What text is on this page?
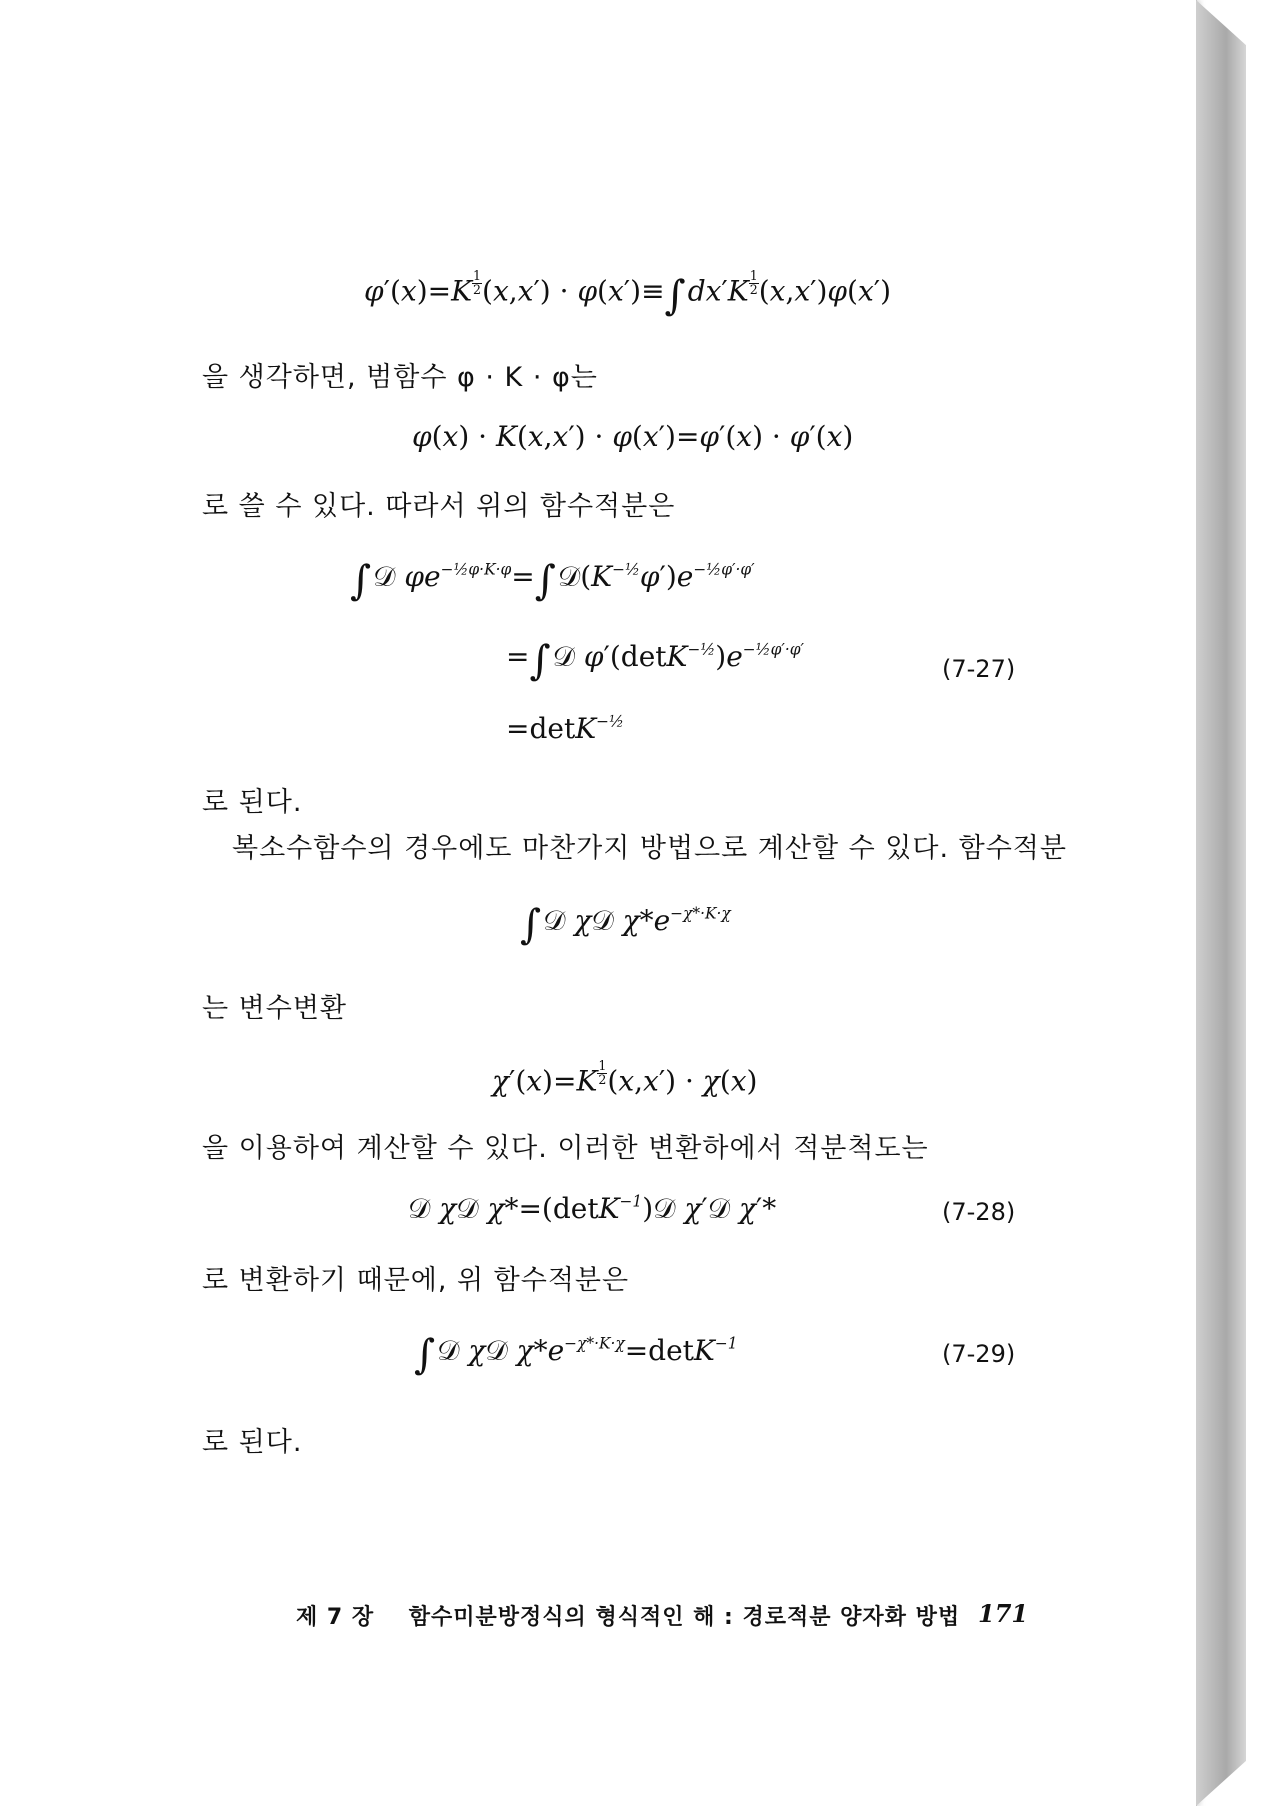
$\varphi'(x)=K \frac{1}{2} (x,x') \cdot \varphi(x')\equiv\int dx'K \frac{1}{2} (x,x')\varphi(x')$
을 생각하면, 범함수 φ · K · φ는
φ(x) · K(x,x′) · φ(x′)=φ′(x) · φ′(x)
로 쓸 수 있다. 따라서 위의 함수적분은
∫𝒟 $\varphi e^{-\frac{1}{2}\varphi\cdot K\cdot\varphi}=\int 𝒟(K^{-\frac{1}{2}}\varphi')e^{-\frac{1}{2}\varphi'\cdot\varphi'}$
=∫𝒟 $\varphi'(\det K^{-\frac{1}{2}})e^{-\frac{1}{2}\varphi'\cdot\varphi'}$
(7-27)
=detK$^{-\frac{1}{2}}$
로 된다.
복소수함수의 경우에도 마찬가지 방법으로 계산할 수 있다. 함수적분
∫𝒟 χ𝒟 $\chi*e^{-\chi*\cdot K\cdot\chi}$
는 변수변환
$\chi'(x)=K \frac{1}{2} (x,x') \cdot \chi(x)$
을 이용하여 계산할 수 있다. 이러한 변환하에서 적분척도는
𝒟 χ𝒟 χ*=(detK$^{-1}$)𝒟 χ′𝒟 χ′*	(7-28)
로 변환하기 때문에, 위 함수적분은
∫𝒟 χ𝒟 $\chi*e^{-\chi*\cdot K\cdot\chi}=\det K^{-1}$	(7-29)
로 된다.
제 7 장 함수미분방정식의 형식적인 해 : 경로적분 양자화 방법 171
